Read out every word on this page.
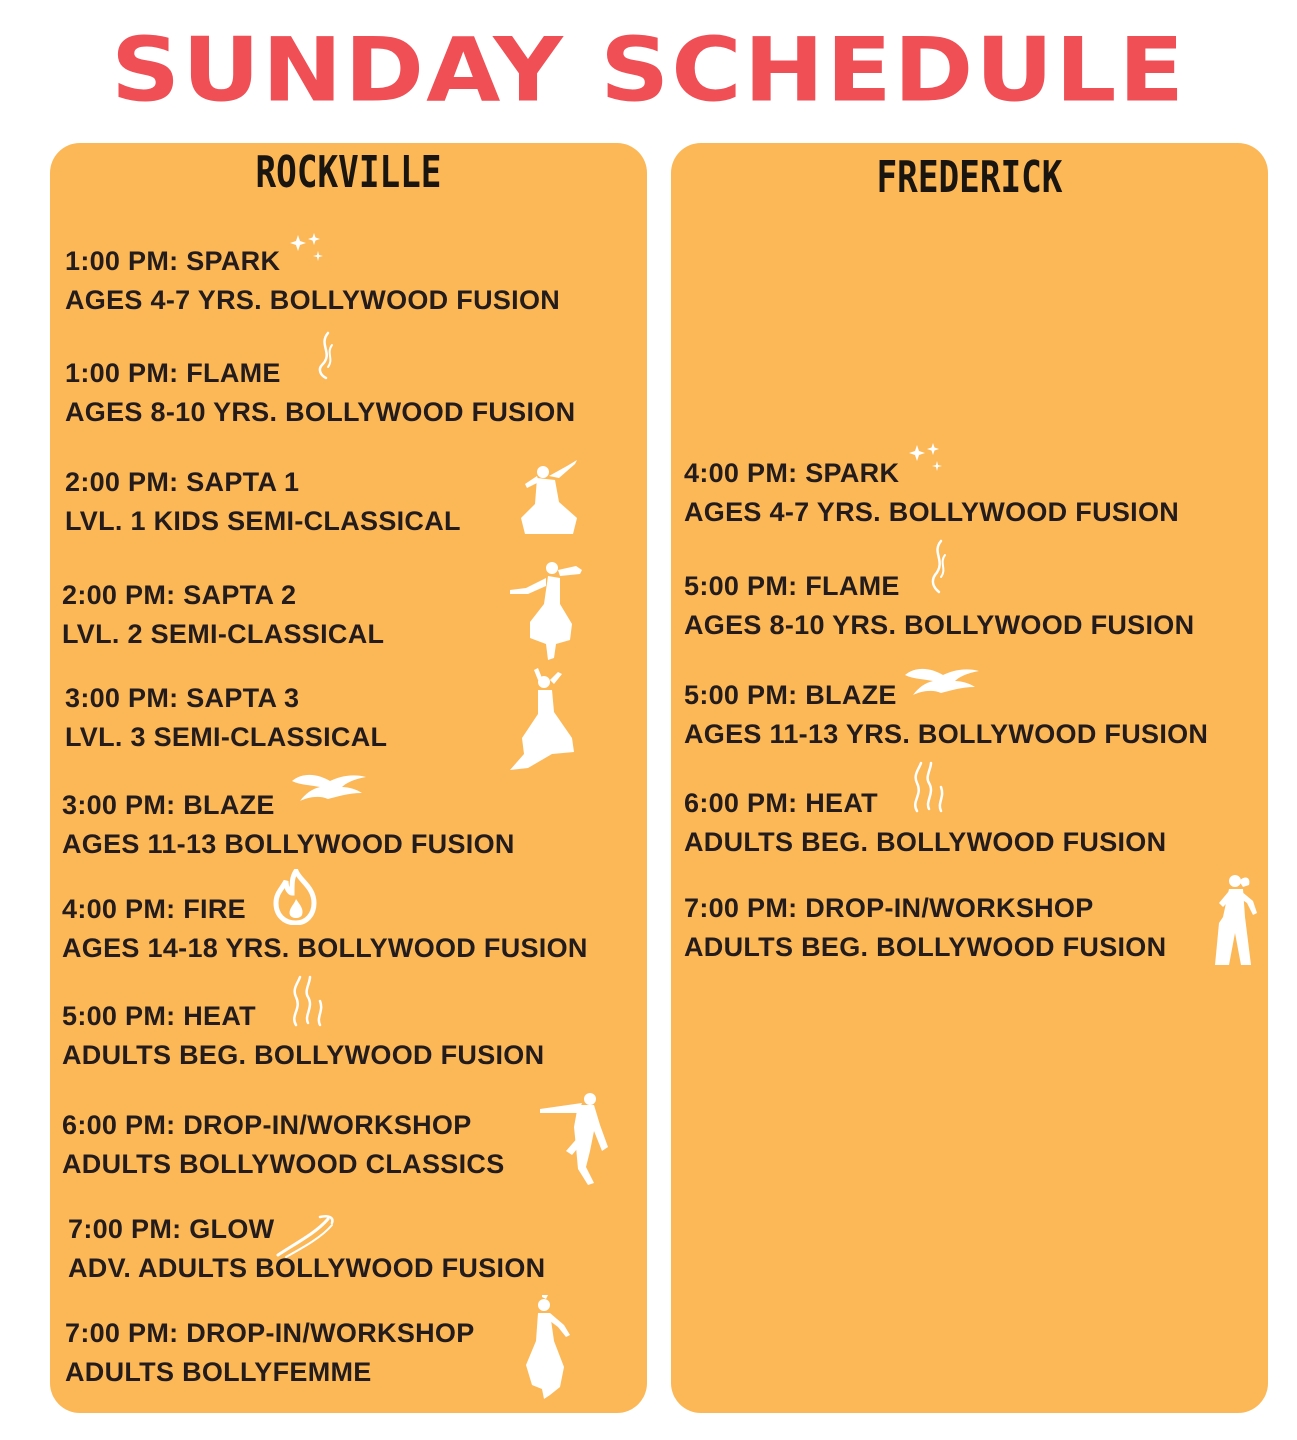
SUNDAY SCHEDULE
ROCKVILLE
1:00 PM: SPARK
AGES 4-7 YRS. BOLLYWOOD FUSION
1:00 PM: FLAME
AGES 8-10 YRS. BOLLYWOOD FUSION
2:00 PM: SAPTA 1
LVL. 1 KIDS SEMI-CLASSICAL
2:00 PM: SAPTA 2
LVL. 2 SEMI-CLASSICAL
3:00 PM: SAPTA 3
LVL. 3 SEMI-CLASSICAL
3:00 PM: BLAZE
AGES 11-13 BOLLYWOOD FUSION
4:00 PM: FIRE
AGES 14-18 YRS. BOLLYWOOD FUSION
5:00 PM: HEAT
ADULTS BEG. BOLLYWOOD FUSION
6:00 PM: DROP-IN/WORKSHOP
ADULTS BOLLYWOOD CLASSICS
7:00 PM: GLOW
ADV. ADULTS BOLLYWOOD FUSION
7:00 PM: DROP-IN/WORKSHOP
ADULTS BOLLYFEMME
FREDERICK
4:00 PM: SPARK
AGES 4-7 YRS. BOLLYWOOD FUSION
5:00 PM: FLAME
AGES 8-10 YRS. BOLLYWOOD FUSION
5:00 PM: BLAZE
AGES 11-13 YRS. BOLLYWOOD FUSION
6:00 PM: HEAT
ADULTS BEG. BOLLYWOOD FUSION
7:00 PM: DROP-IN/WORKSHOP
ADULTS BEG. BOLLYWOOD FUSION
